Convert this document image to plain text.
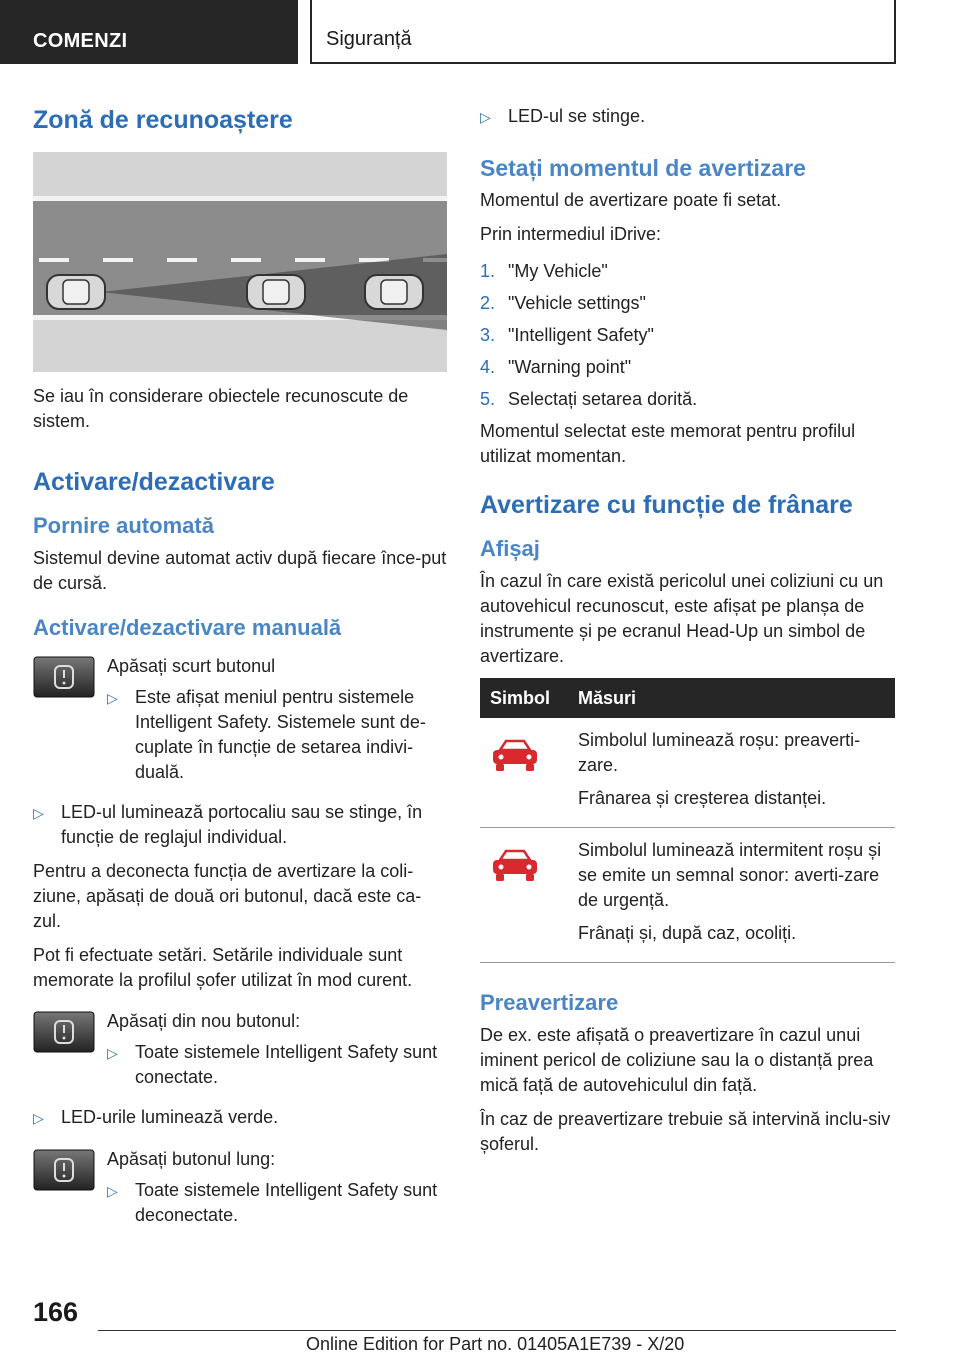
COMENZI	Siguranță
Zonă de recunoaștere

Se iau în considerare obiectele recunoscute de sistem.

Activare/dezactivare
Pornire automată

Sistemul devine automat activ după fiecare înce-put de cursă.

Activare/dezactivare manuală

Apăsați scurt butonul

▷ Este afișat meniul pentru sistemele Intelligent Safety. Sistemele sunt de-cuplate în funcție de setarea indivi-duală.
▷ LED-ul luminează portocaliu sau se stinge, în funcție de reglajul individual.

Pentru a deconecta funcția de avertizare la coli-ziune, apăsați de două ori butonul, dacă este ca-zul.

Pot fi efectuate setări. Setările individuale sunt memorate la profilul șofer utilizat în mod curent.

Apăsați din nou butonul:

▷ Toate sistemele Intelligent Safety sunt conectate.
▷ LED-urile luminează verde.

Apăsați butonul lung:

▷ Toate sistemele Intelligent Safety sunt deconectate.
▷ LED-ul se stinge.
Setați momentul de avertizare

Momentul de avertizare poate fi setat.

Prin intermediul iDrive:

1. "My Vehicle"
2. "Vehicle settings"
3. "Intelligent Safety"
4. "Warning point"
5. Selectați setarea dorită.

Momentul selectat este memorat pentru profilul utilizat momentan.

Avertizare cu funcție de frânare
Afișaj

În cazul în care există pericolul unei coliziuni cu un autovehicul recunoscut, este afișat pe planșa de instrumente și pe ecranul Head-Up un simbol de avertizare.

Simbol	Măsuri

Simbolul luminează roșu: preaverti-zare.

Frânarea și creșterea distanței.

Simbolul luminează intermitent roșu și se emite un semnal sonor: averti-zare de urgență.

Frânați și, după caz, ocoliți.

Preavertizare

De ex. este afișată o preavertizare în cazul unui iminent pericol de coliziune sau la o distanță prea mică față de autovehiculul din față.

În caz de preavertizare trebuie să intervină inclu-siv șoferul.

166
Online Edition for Part no. 01405A1E739 - X/20
